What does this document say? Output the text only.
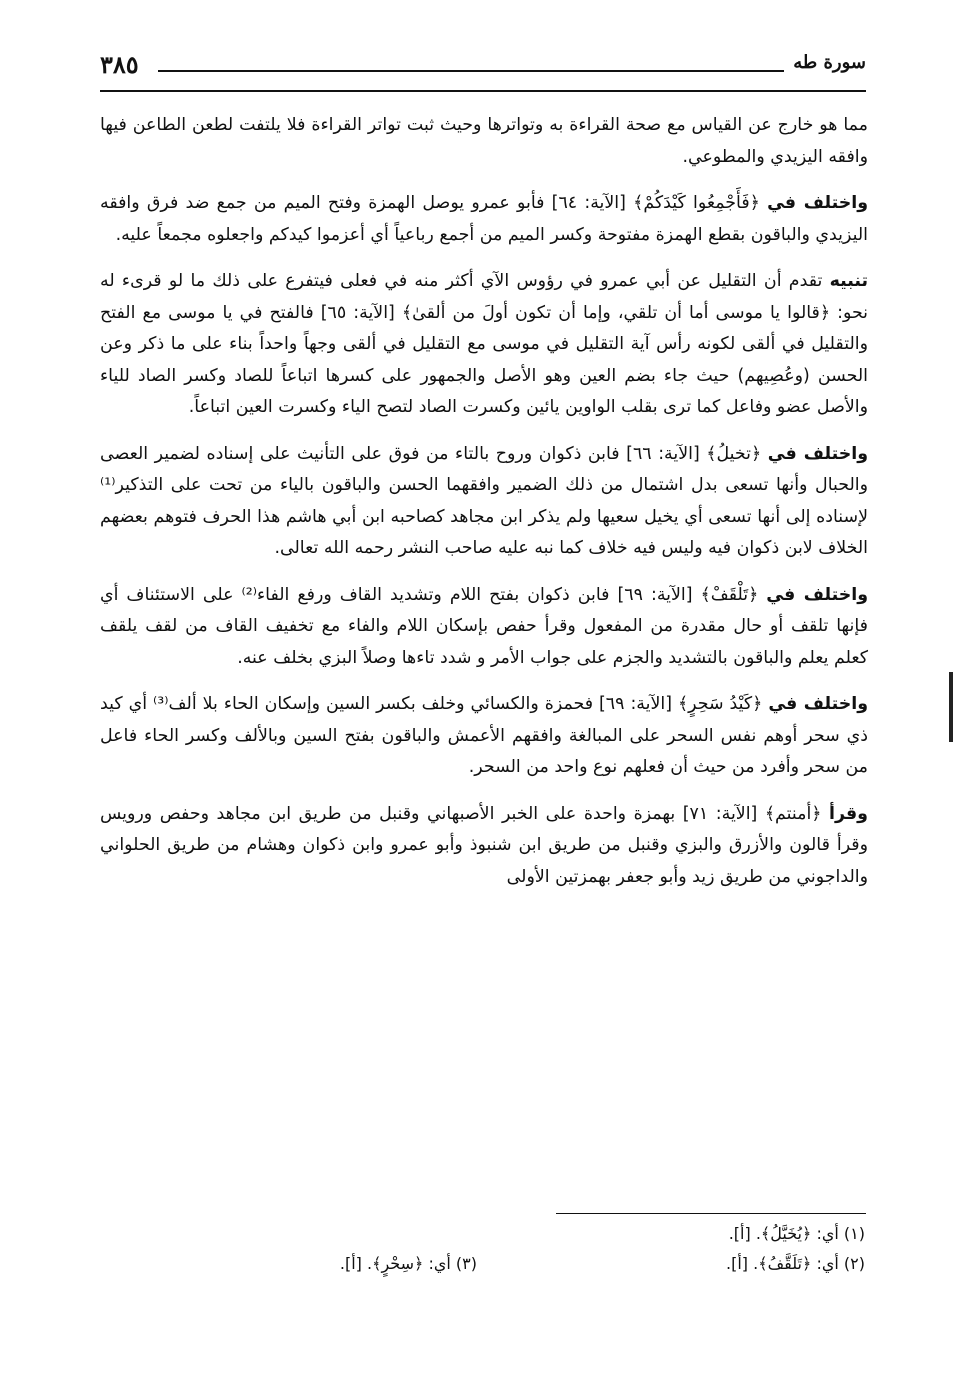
سورة طه
٣٨٥

مما هو خارج عن القياس مع صحة القراءة به وتواترها وحيث ثبت تواتر القراءة فلا يلتفت لطعن الطاعن فيها وافقه اليزيدي والمطوعي.

واختلف في ﴿فَأَجْمِعُوا كَيْدَكُمْ﴾ [الآية: ٦٤] فأبو عمرو يوصل الهمزة وفتح الميم من جمع ضد فرق وافقه اليزيدي والباقون بقطع الهمزة مفتوحة وكسر الميم من أجمع رباعياً أي أعزموا كيدكم واجعلوه مجمعاً عليه.

تنبيه تقدم أن التقليل عن أبي عمرو في رؤوس الآي أكثر منه في فعلى فيتفرع على ذلك ما لو قرىء له نحو: ﴿قالوا يا موسى أما أن تلقي، وإما أن تكون أولَ من ألقىٰ﴾ [الآية: ٦٥] فالفتح في يا موسى مع الفتح والتقليل في ألقى لكونه رأس آية التقليل في موسى مع التقليل في ألقى وجهاً واحداً بناء على ما ذكر وعن الحسن (وعُصِيهم) حيث جاء بضم العين وهو الأصل والجمهور على كسرها اتباعاً للصاد وكسر الصاد للياء والأصل عضو وفاعل كما ترى بقلب الواوين يائين وكسرت الصاد لتصح الياء وكسرت العين اتباعاً.

واختلف في ﴿تخيلُ﴾ [الآية: ٦٦] فابن ذكوان وروح بالتاء من فوق على التأنيث على إسناده لضمير العصى والحبال وأنها تسعى بدل اشتمال من ذلك الضمير وافقهما الحسن والباقون بالياء من تحت على التذكير⁽¹⁾ لإسناده إلى أنها تسعى أي يخيل سعيها ولم يذكر ابن مجاهد كصاحبه ابن أبي هاشم هذا الحرف فتوهم بعضهم الخلاف لابن ذكوان فيه وليس فيه خلاف كما نبه عليه صاحب النشر رحمه الله تعالى.

واختلف في ﴿تَلْقَفْ﴾ [الآية: ٦٩] فابن ذكوان بفتح اللام وتشديد القاف ورفع الفاء⁽²⁾ على الاستئناف أي فإنها تلقف أو حال مقدرة من المفعول وقرأ حفص بإسكان اللام والفاء مع تخفيف القاف من لقف يلقف كعلم يعلم والباقون بالتشديد والجزم على جواب الأمر و شدد تاءها وصلاً البزي بخلف عنه.

واختلف في ﴿كَيْدُ سَحِرٍ﴾ [الآية: ٦٩] فحمزة والكسائي وخلف بكسر السين وإسكان الحاء بلا ألف⁽³⁾ أي كيد ذي سحر أوهم نفس السحر على المبالغة وافقهم الأعمش والباقون بفتح السين وبالألف وكسر الحاء فاعل من سحر وأفرد من حيث أن فعلهم نوع واحد من السحر.

وقرأ ﴿أمنتم﴾ [الآية: ٧١] بهمزة واحدة على الخبر الأصبهاني وقنبل من طريق ابن مجاهد وحفص ورويس وقرأ قالون والأزرق والبزي وقنبل من طريق ابن شنبوذ وأبو عمرو وابن ذكوان وهشام من طريق الحلواني والداجوني من طريق زيد وأبو جعفر بهمزتين الأولى

(١) أي: ﴿يُخَيَّلُ﴾. [أ].
(٢) أي: ﴿تَلَقَّفُ﴾. [أ].
(٣) أي: ﴿سِحْرٍ﴾. [أ].
